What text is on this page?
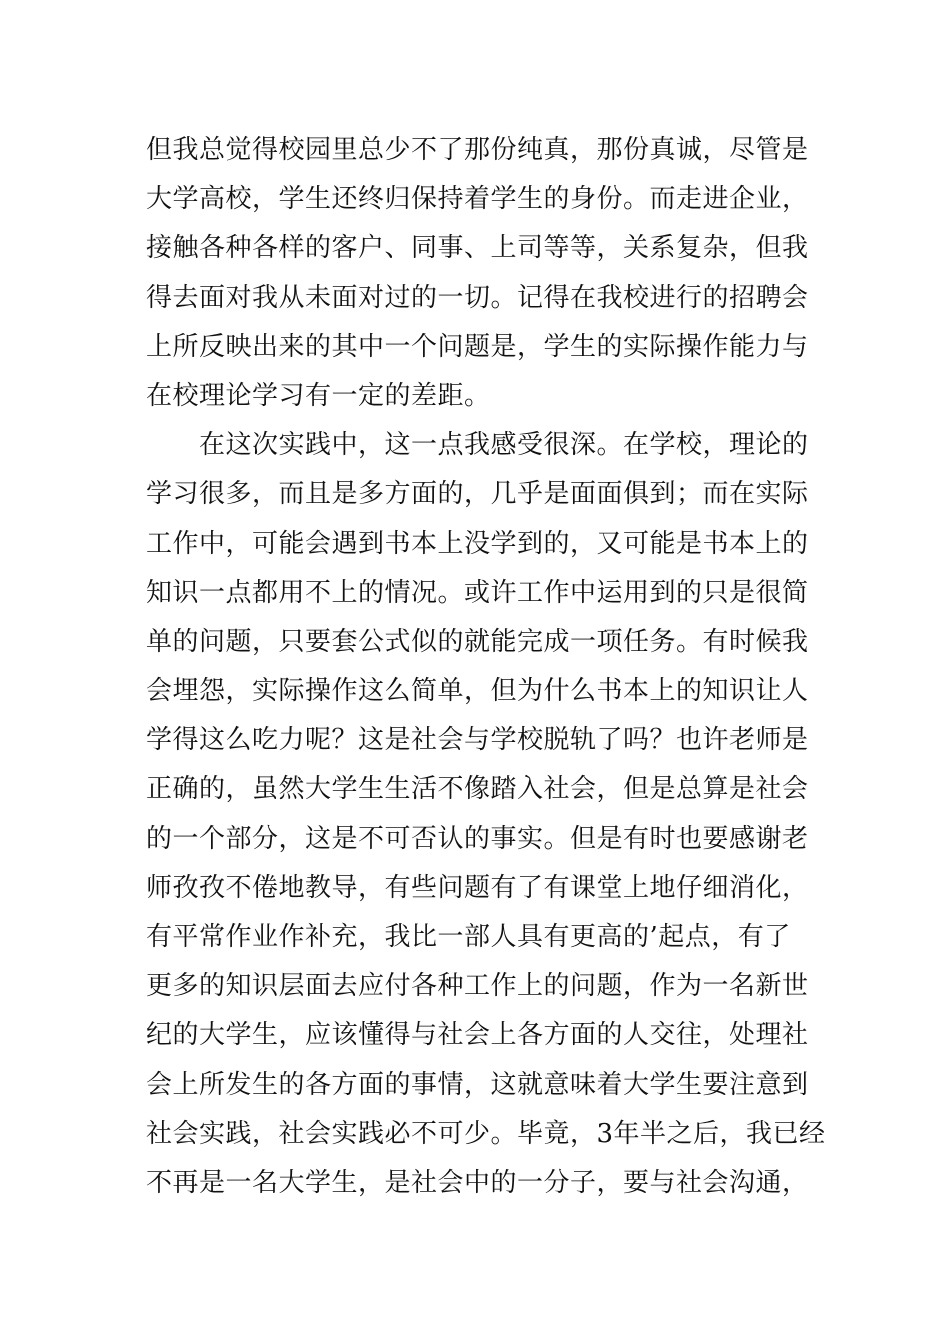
但我总觉得校园里总少不了那份纯真，那份真诚，尽管是
大学高校，学生还终归保持着学生的身份。而走进企业，
接触各种各样的客户、同事、上司等等，关系复杂，但我
得去面对我从未面对过的一切。记得在我校进行的招聘会
上所反映出来的其中一个问题是，学生的实际操作能力与
在校理论学习有一定的差距。
　　在这次实践中，这一点我感受很深。在学校，理论的
学习很多，而且是多方面的，几乎是面面俱到；而在实际
工作中，可能会遇到书本上没学到的，又可能是书本上的
知识一点都用不上的情况。或许工作中运用到的只是很简
单的问题，只要套公式似的就能完成一项任务。有时候我
会埋怨，实际操作这么简单，但为什么书本上的知识让人
学得这么吃力呢？这是社会与学校脱轨了吗？也许老师是
正确的，虽然大学生生活不像踏入社会，但是总算是社会
的一个部分，这是不可否认的事实。但是有时也要感谢老
师孜孜不倦地教导，有些问题有了有课堂上地仔细消化，
有平常作业作补充，我比一部人具有更高的’起点，有了
更多的知识层面去应付各种工作上的问题，作为一名新世
纪的大学生，应该懂得与社会上各方面的人交往，处理社
会上所发生的各方面的事情，这就意味着大学生要注意到
社会实践，社会实践必不可少。毕竟，3年半之后，我已经
不再是一名大学生，是社会中的一分子，要与社会沟通，
